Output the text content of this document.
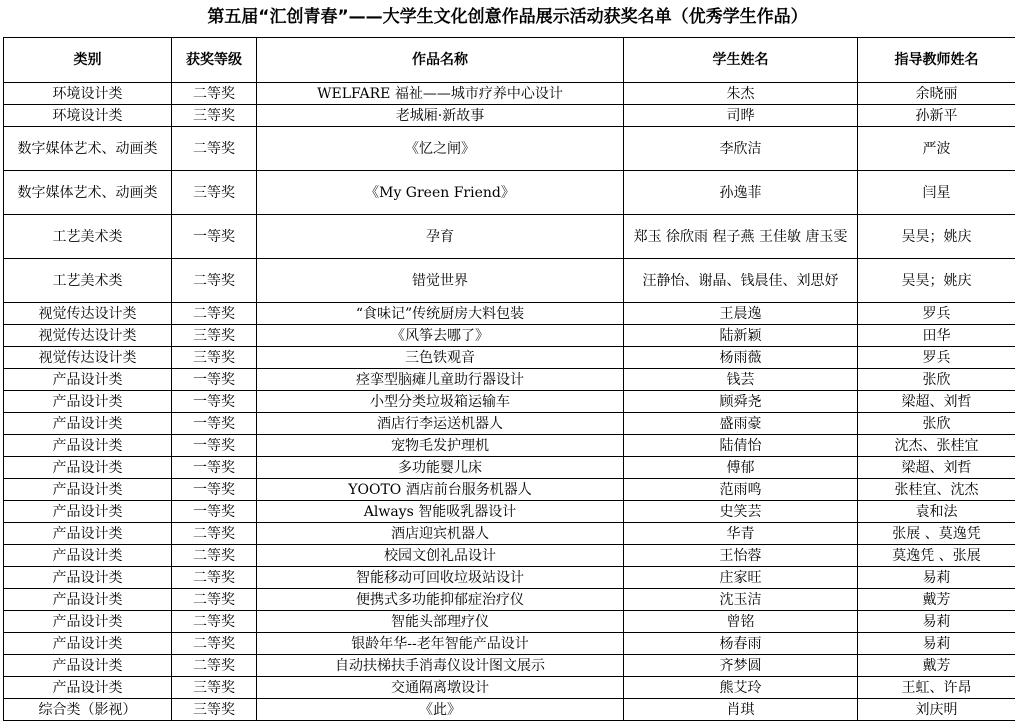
第五届“汇创青春”——大学生文化创意作品展示活动获奖名单（优秀学生作品）
类别	获奖等级	作品名称	学生姓名	指导教师姓名
环境设计类	二等奖	WELFARE 福祉——城市疗养中心设计	朱杰	余晓丽
环境设计类	三等奖	老城厢·新故事	司晔	孙新平
数字媒体艺术、动画类	二等奖	《忆之闸》	李欣洁	严波
数字媒体艺术、动画类	三等奖	《My Green Friend》	孙逸菲	闫星
工艺美术类	一等奖	孕育	郑玉 徐欣雨 程子燕 王佳敏 唐玉雯	吴昊；姚庆
工艺美术类	二等奖	错觉世界	汪静怡、谢晶、钱晨佳、刘思妤	吴昊；姚庆
视觉传达设计类	二等奖	“食味记”传统厨房大料包装	王晨逸	罗兵
视觉传达设计类	三等奖	《风筝去哪了》	陆新颖	田华
视觉传达设计类	三等奖	三色铁观音	杨雨薇	罗兵
产品设计类	一等奖	痉挛型脑瘫儿童助行器设计	钱芸	张欣
产品设计类	一等奖	小型分类垃圾箱运输车	顾舜尧	梁超、刘哲
产品设计类	一等奖	酒店行李运送机器人	盛雨豪	张欣
产品设计类	一等奖	宠物毛发护理机	陆倩怡	沈杰、张桂宜
产品设计类	一等奖	多功能婴儿床	傅郁	梁超、刘哲
产品设计类	一等奖	YOOTO 酒店前台服务机器人	范雨鸣	张桂宜、沈杰
产品设计类	一等奖	Always 智能吸乳器设计	史笑芸	袁和法
产品设计类	二等奖	酒店迎宾机器人	华青	张展 、莫逸凭
产品设计类	二等奖	校园文创礼品设计	王怡蓉	莫逸凭 、张展
产品设计类	二等奖	智能移动可回收垃圾站设计	庄家旺	易莉
产品设计类	二等奖	便携式多功能抑郁症治疗仪	沈玉洁	戴芳
产品设计类	二等奖	智能头部理疗仪	曾铭	易莉
产品设计类	二等奖	银龄年华--老年智能产品设计	杨春雨	易莉
产品设计类	二等奖	自动扶梯扶手消毒仪设计图文展示	齐梦圆	戴芳
产品设计类	三等奖	交通隔离墩设计	熊艾玲	王虹、许昂
综合类（影视）	三等奖	《此》	肖琪	刘庆明
